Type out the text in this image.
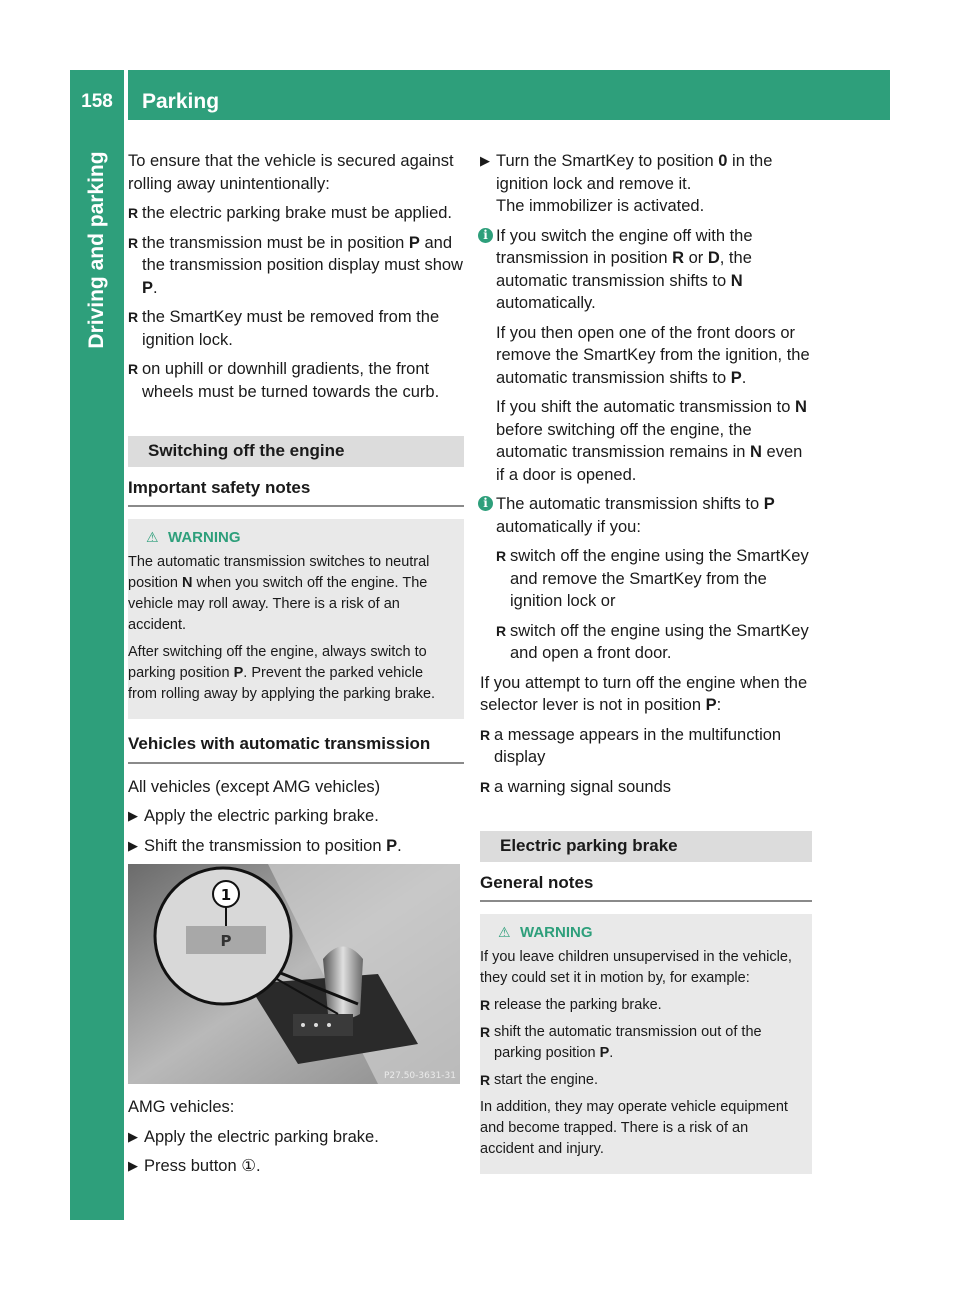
158	Parking
Driving and parking To ensure that the vehicle is secured against rolling away unintentionally:

R the electric parking brake must be applied.
R the transmission must be in position P and the transmission position display must show P.
R the SmartKey must be removed from the ignition lock.
R on uphill or downhill gradients, the front wheels must be turned towards the curb.
Switching off the engine
Important safety notes
⚠ WARNING

The automatic transmission switches to neutral position N when you switch off the engine. The vehicle may roll away. There is a risk of an accident.

After switching off the engine, always switch to parking position P. Prevent the parked vehicle from rolling away by applying the parking brake.

Vehicles with automatic transmission

All vehicles (except AMG vehicles)

▶ Apply the electric parking brake.
▶ Shift the transmission to position P.
1
P
P27.50-3631-31

AMG vehicles:

▶ Apply the electric parking brake.
▶ Press button ①.
▶ Turn the SmartKey to position 0 in the ignition lock and remove it.

The immobilizer is activated.

i If you switch the engine off with the transmission in position R or D, the automatic transmission shifts to N automatically.

If you then open one of the front doors or remove the SmartKey from the ignition, the automatic transmission shifts to P.

If you shift the automatic transmission to N before switching off the engine, the automatic transmission remains in N even if a door is opened.

i The automatic transmission shifts to P automatically if you:

R switch off the engine using the SmartKey and remove the SmartKey from the ignition lock or
R switch off the engine using the SmartKey and open a front door.

If you attempt to turn off the engine when the selector lever is not in position P:

R a message appears in the multifunction display
R a warning signal sounds
Electric parking brake
General notes
⚠ WARNING

If you leave children unsupervised in the vehicle, they could set it in motion by, for example:

R release the parking brake.
R shift the automatic transmission out of the parking position P.
R start the engine.

In addition, they may operate vehicle equipment and become trapped. There is a risk of an accident and injury.
